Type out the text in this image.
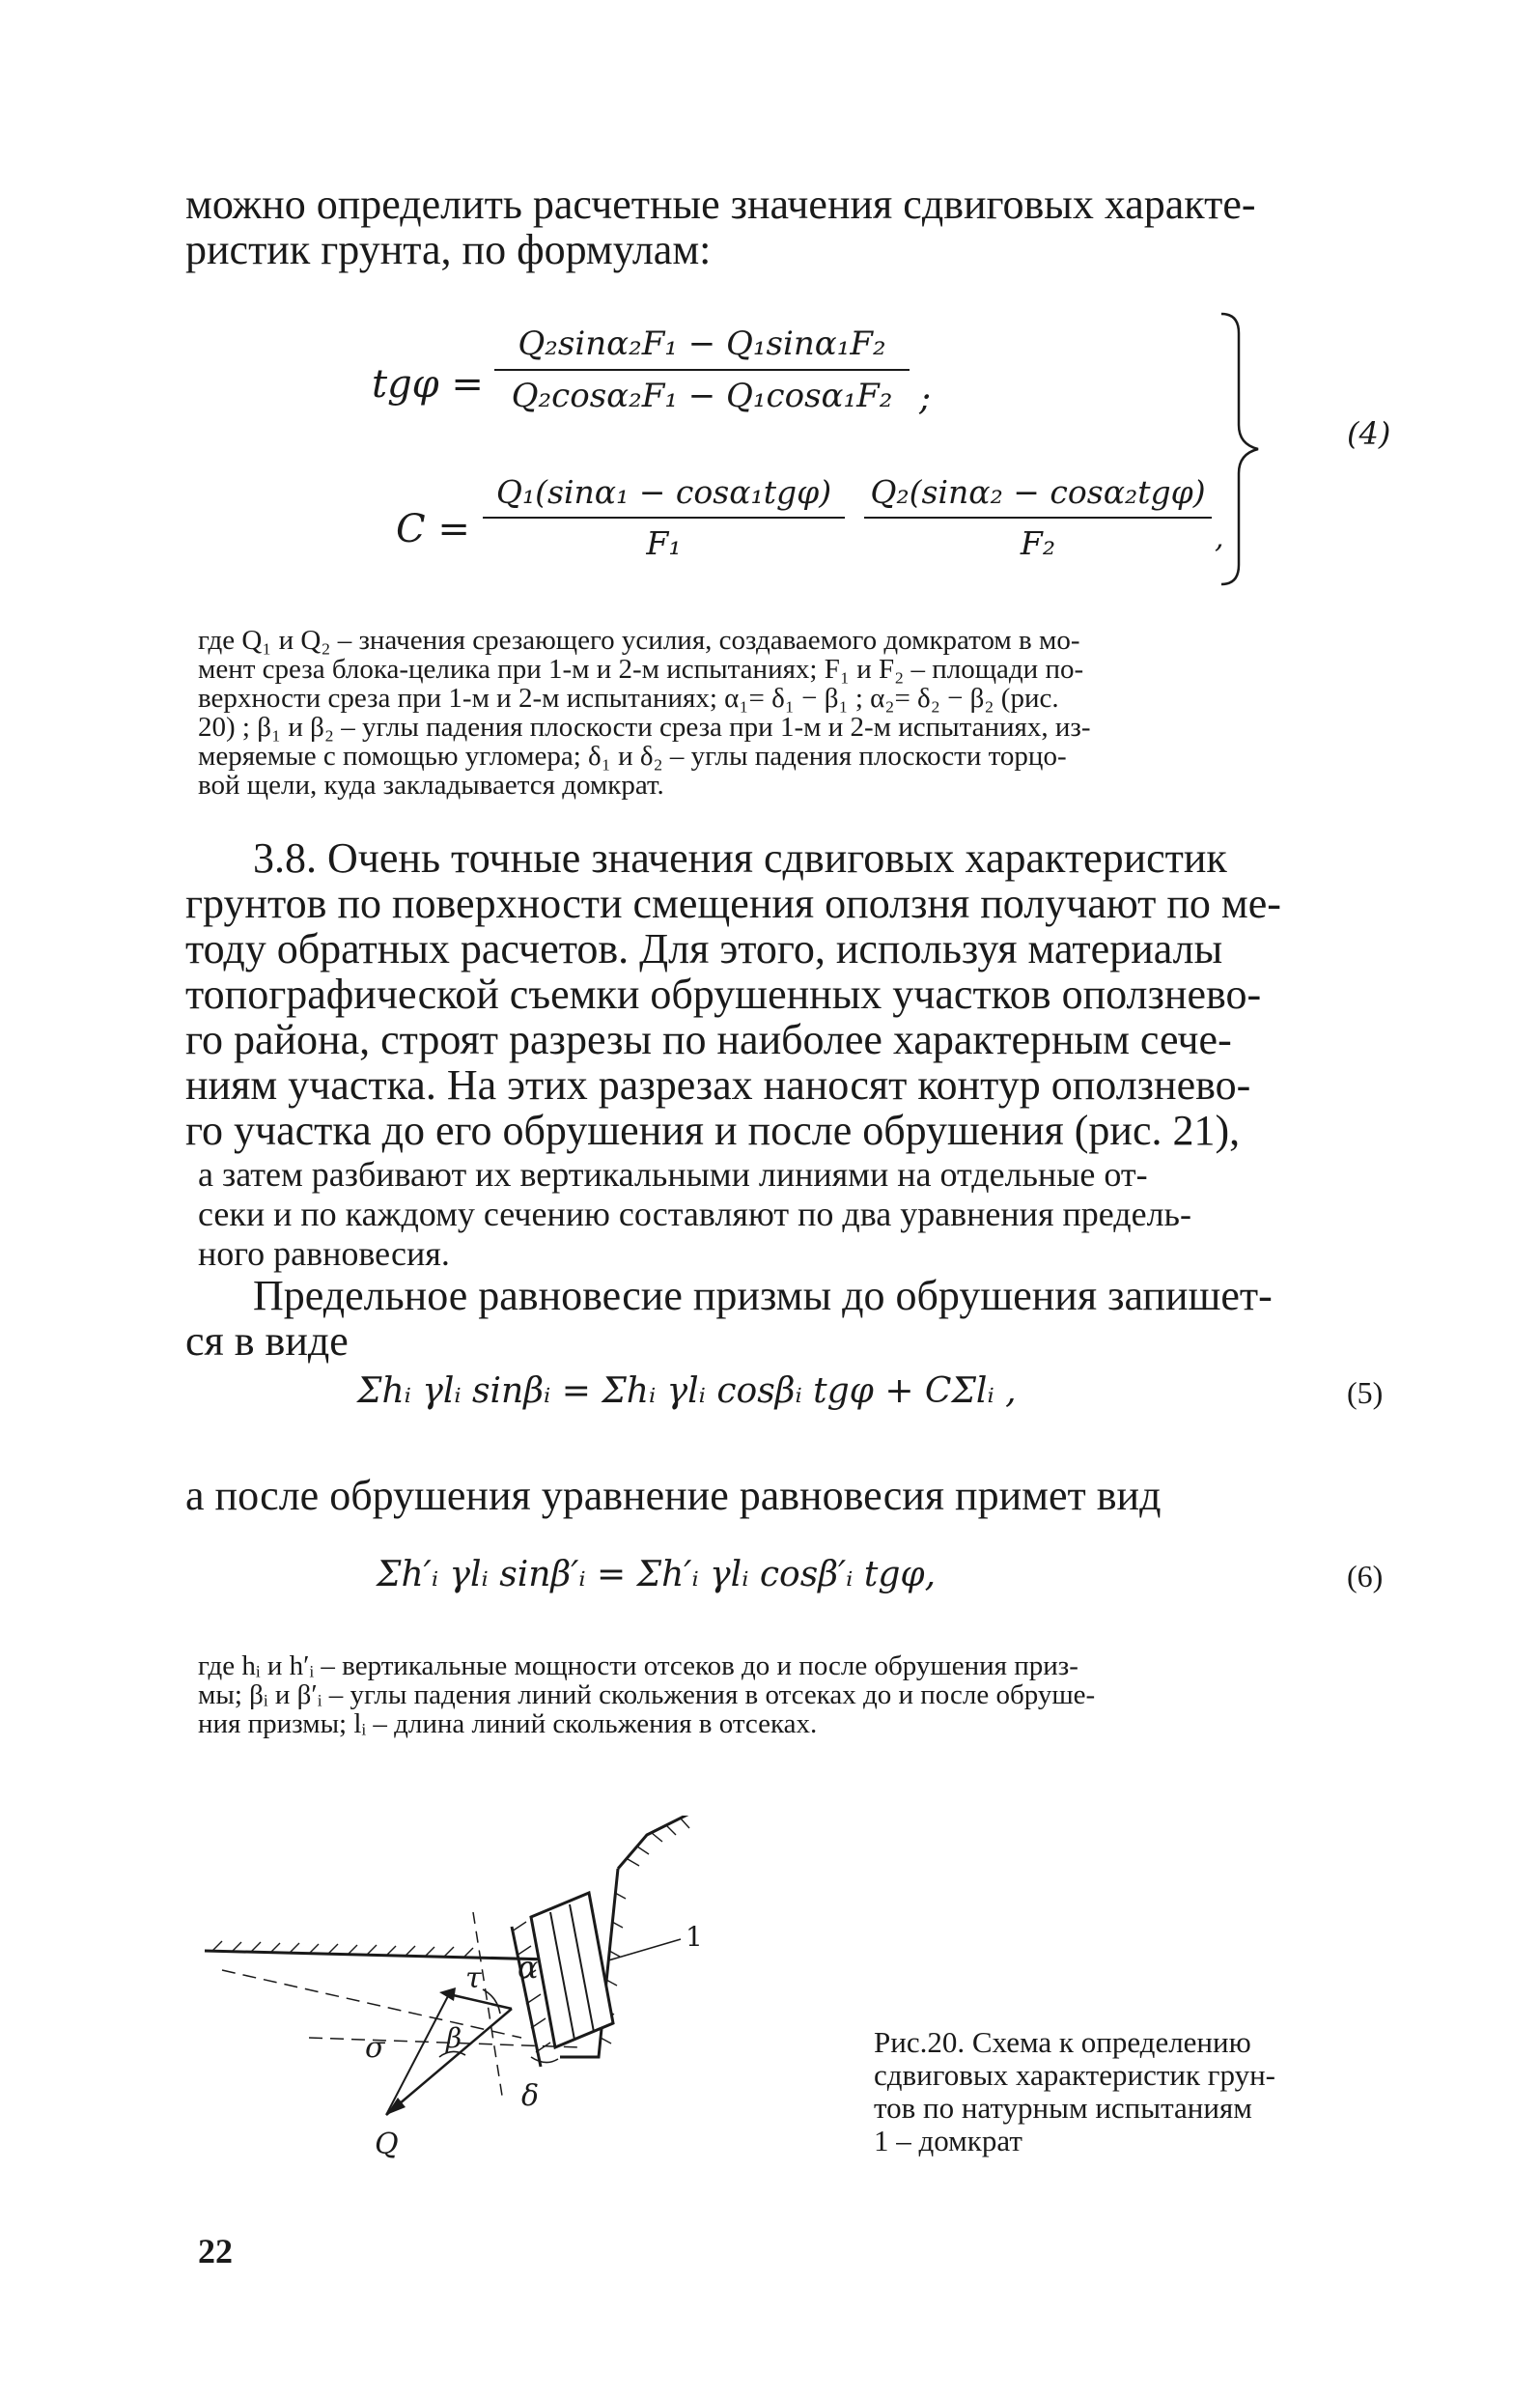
можно определить расчетные значения сдвиговых характе-
ристик грунта, по формулам:
tgφ =
Q₂sinα₂F₁ − Q₁sinα₁F₂
Q₂cosα₂F₁ − Q₁cosα₁F₂ ;
C =
Q₁(sinα₁ − cosα₁tgφ)
F₁
Q₂(sinα₂ − cosα₂tgφ)
F₂	,
(4)
где Q₁ и Q₂ – значения срезающего усилия, создаваемого домкратом в мо-
мент среза блока-целика при 1-м и 2-м испытаниях; F₁ и F₂ – площади по-
верхности среза при 1-м и 2-м испытаниях; α₁= δ₁ − β₁ ; α₂= δ₂ − β₂ (рис.
20) ; β₁ и β₂ – углы падения плоскости среза при 1-м и 2-м испытаниях, из-
меряемые с помощью угломера; δ₁ и δ₂ – углы падения плоскости торцо-
вой щели, куда закладывается домкрат.
3.8. Очень точные значения сдвиговых характеристик
грунтов по поверхности смещения оползня получают по ме-
тоду обратных расчетов. Для этого, используя материалы
топографической съемки обрушенных участков оползнево-
го района, строят разрезы по наиболее характерным сече-
ниям участка. На этих разрезах наносят контур оползнево-
го участка до его обрушения и после обрушения (рис. 21),
а затем разбивают их вертикальными линиями на отдельные от-
секи и по каждому сечению составляют по два уравнения предель-
ного равновесия.
Предельное равновесие призмы до обрушения запишет-
ся в виде
Σhᵢ γlᵢ sinβᵢ = Σhᵢ γlᵢ cosβᵢ tgφ + CΣlᵢ ,	(5)
а после обрушения уравнение равновесия примет вид
Σh′ᵢ γlᵢ sinβ′ᵢ = Σh′ᵢ γlᵢ cosβ′ᵢ tgφ,	(6)
где hᵢ и h′ᵢ – вертикальные мощности отсеков до и после обрушения приз-
мы; βᵢ и β′ᵢ – углы падения линий скольжения в отсеках до и после обруше-
ния призмы; lᵢ – длина линий скольжения в отсеках.
τ α
σ β
δ
Q
1
Рис.20. Схема к определению
сдвиговых характеристик грун-
тов по натурным испытаниям
1 – домкрат
22
